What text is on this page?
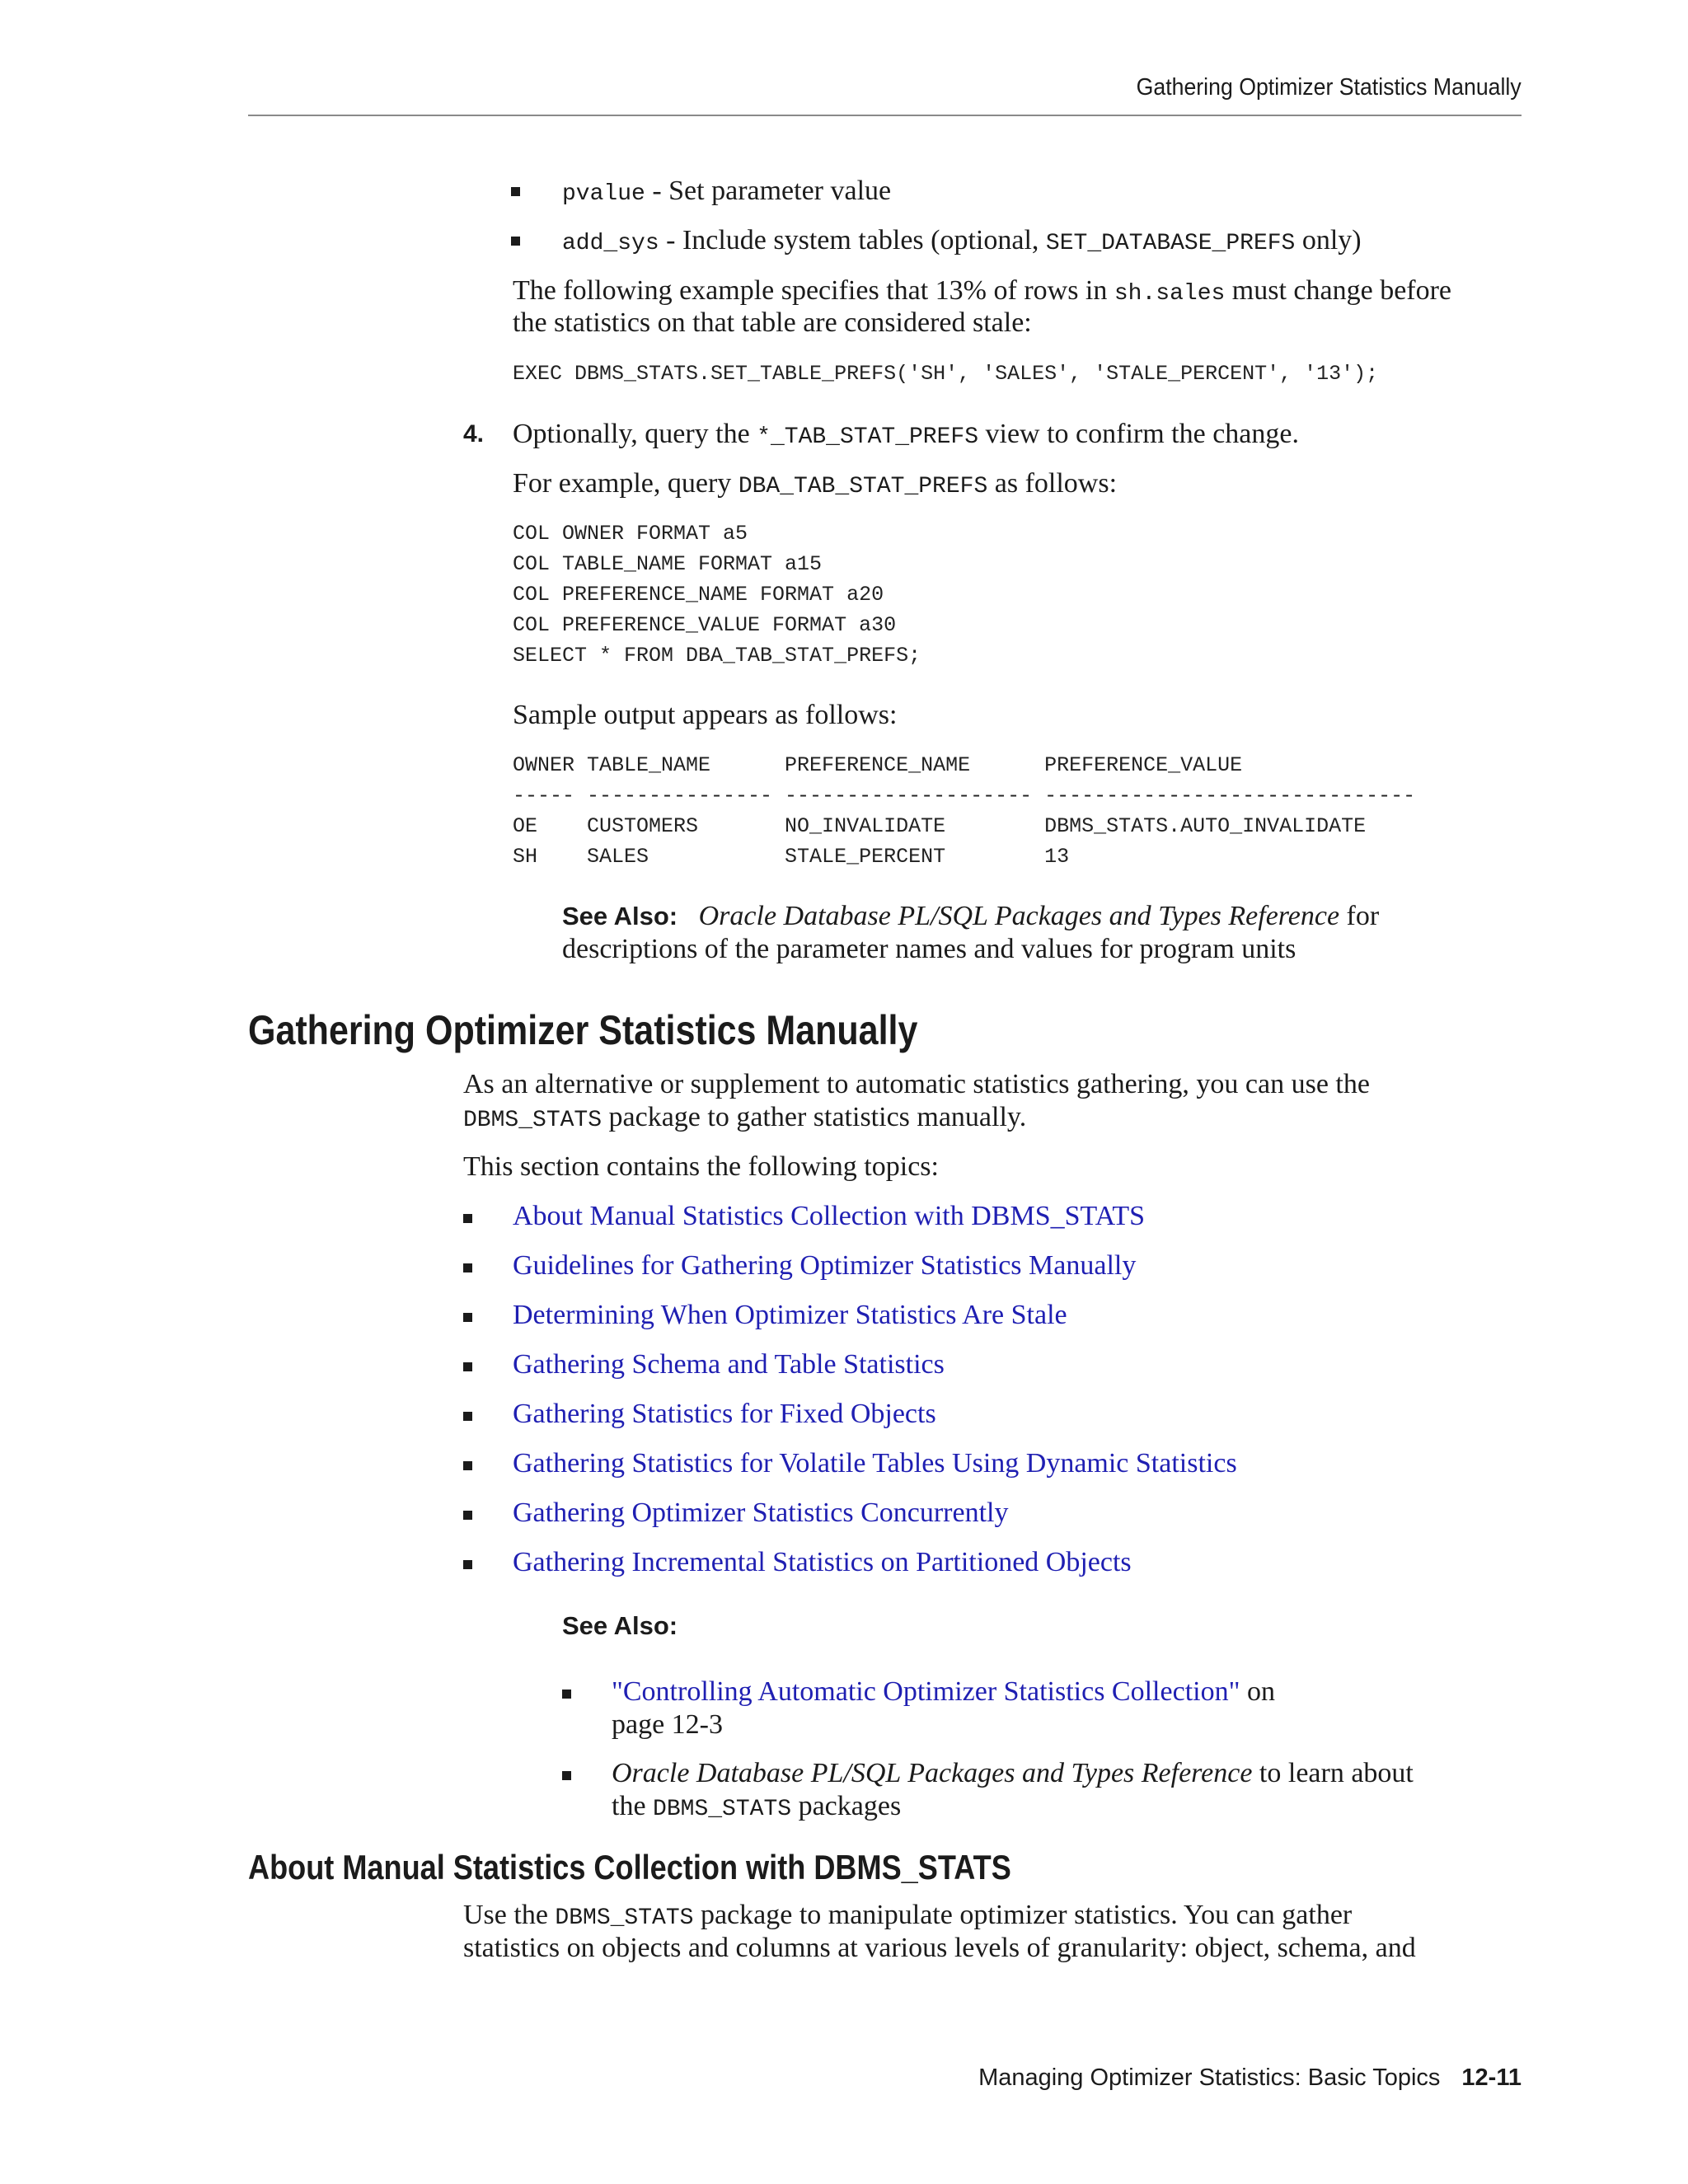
Gathering Optimizer Statistics Manually
pvalue - Set parameter value
add_sys - Include system tables (optional, SET_DATABASE_PREFS only)
The following example specifies that 13% of rows in sh.sales must change before
the statistics on that table are considered stale:
EXEC DBMS_STATS.SET_TABLE_PREFS('SH', 'SALES', 'STALE_PERCENT', '13');
4. Optionally, query the *_TAB_STAT_PREFS view to confirm the change.
For example, query DBA_TAB_STAT_PREFS as follows:
COL OWNER FORMAT a5
COL TABLE_NAME FORMAT a15
COL PREFERENCE_NAME FORMAT a20
COL PREFERENCE_VALUE FORMAT a30
SELECT * FROM DBA_TAB_STAT_PREFS;
Sample output appears as follows:
OWNER TABLE_NAME      PREFERENCE_NAME      PREFERENCE_VALUE
----- --------------- -------------------- ------------------------------
OE    CUSTOMERS       NO_INVALIDATE        DBMS_STATS.AUTO_INVALIDATE
SH    SALES           STALE_PERCENT        13
See Also: Oracle Database PL/SQL Packages and Types Reference for
descriptions of the parameter names and values for program units
Gathering Optimizer Statistics Manually
As an alternative or supplement to automatic statistics gathering, you can use the
DBMS_STATS package to gather statistics manually.
This section contains the following topics:
About Manual Statistics Collection with DBMS_STATS
Guidelines for Gathering Optimizer Statistics Manually
Determining When Optimizer Statistics Are Stale
Gathering Schema and Table Statistics
Gathering Statistics for Fixed Objects
Gathering Statistics for Volatile Tables Using Dynamic Statistics
Gathering Optimizer Statistics Concurrently
Gathering Incremental Statistics on Partitioned Objects
See Also:
"Controlling Automatic Optimizer Statistics Collection" on
page 12-3
Oracle Database PL/SQL Packages and Types Reference to learn about
the DBMS_STATS packages
About Manual Statistics Collection with DBMS_STATS
Use the DBMS_STATS package to manipulate optimizer statistics. You can gather
statistics on objects and columns at various levels of granularity: object, schema, and
Managing Optimizer Statistics: Basic Topics 12-11
